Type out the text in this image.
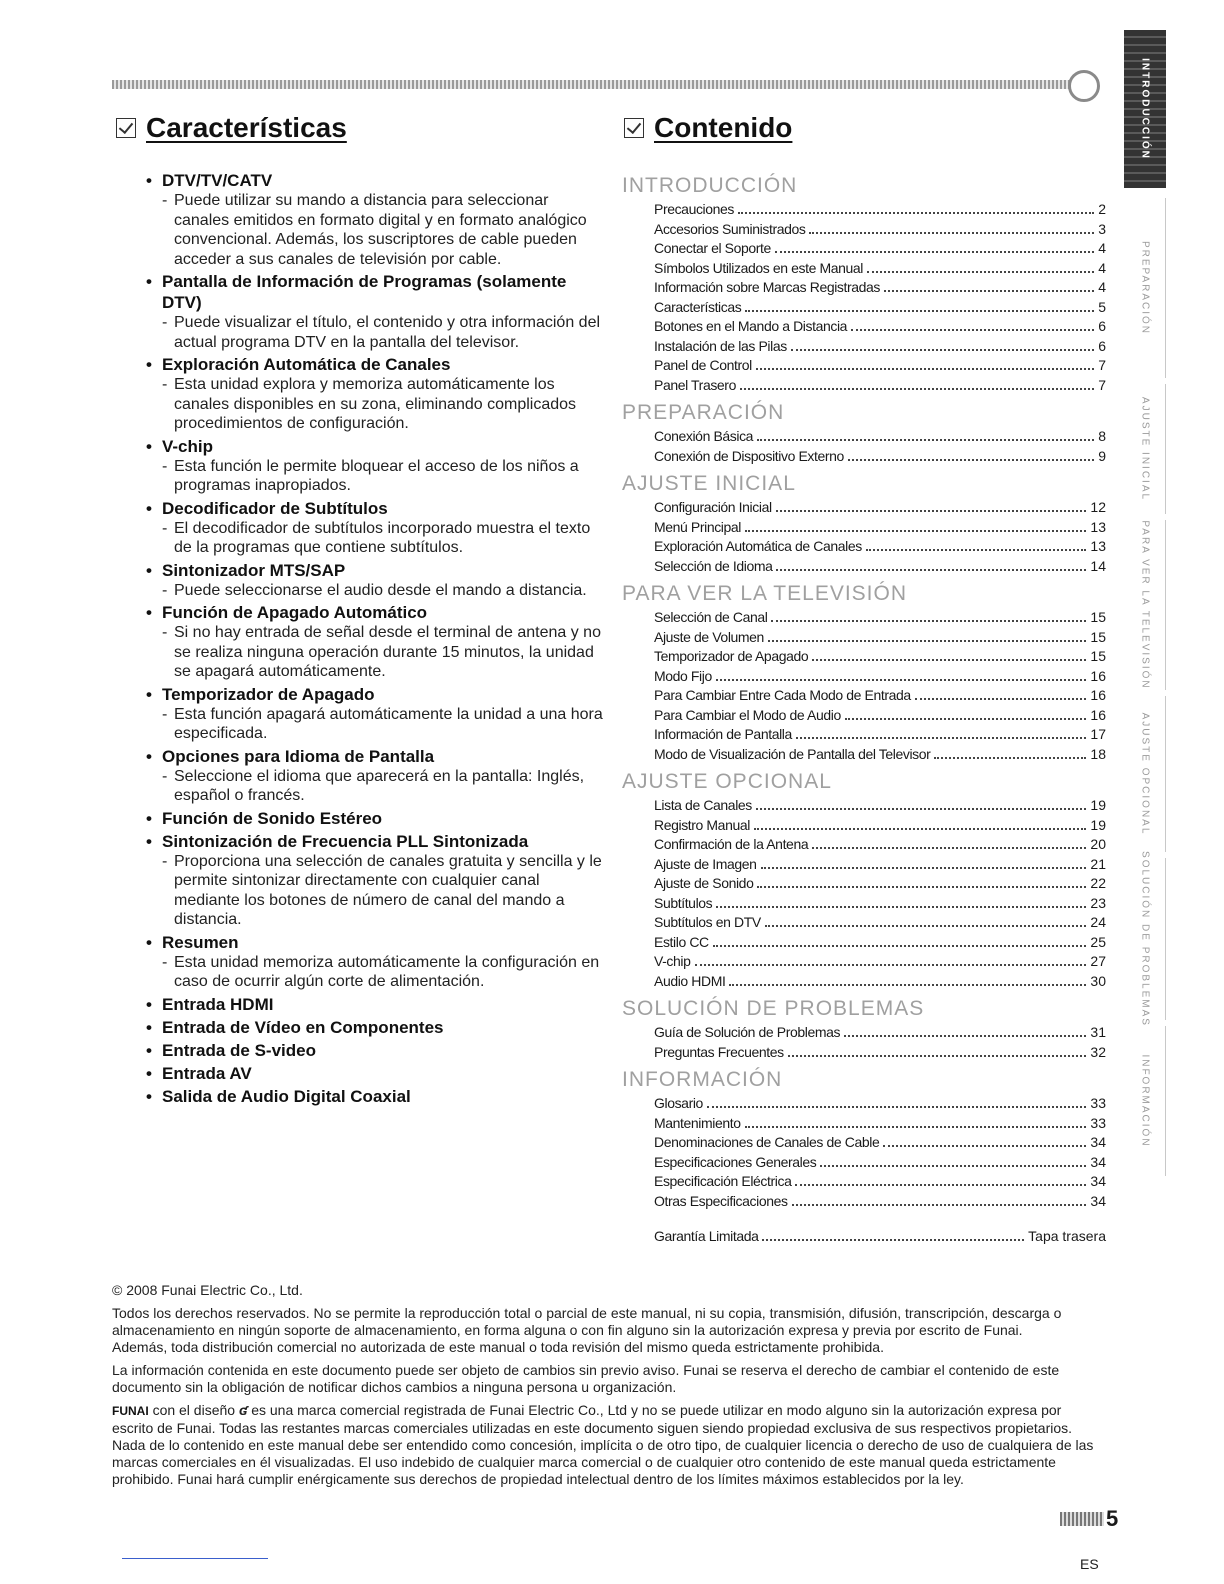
INTRODUCCIÓN
PREPARACIÓN
AJUSTE INICIAL
PARA VER LA TELEVISIÓN
AJUSTE OPCIONAL
SOLUCIÓN DE PROBLEMAS
INFORMACIÓN
Características	Contenido
• DTV/TV/CATV
- Puede utilizar su mando a distancia para seleccionar canales emitidos en formato digital y en formato analógico convencional. Además, los suscriptores de cable pueden acceder a sus canales de televisión por cable.
• Pantalla de Información de Programas (solamente DTV)
- Puede visualizar el título, el contenido y otra información del actual programa DTV en la pantalla del televisor.
• Exploración Automática de Canales
- Esta unidad explora y memoriza automáticamente los canales disponibles en su zona, eliminando complicados procedimientos de configuración.
• V-chip
- Esta función le permite bloquear el acceso de los niños a programas inapropiados.
• Decodificador de Subtítulos
- El decodificador de subtítulos incorporado muestra el texto de la programas que contiene subtítulos.
• Sintonizador MTS/SAP
- Puede seleccionarse el audio desde el mando a distancia.
• Función de Apagado Automático
- Si no hay entrada de señal desde el terminal de antena y no se realiza ninguna operación durante 15 minutos, la unidad se apagará automáticamente.
• Temporizador de Apagado
- Esta función apagará automáticamente la unidad a una hora especificada.
• Opciones para Idioma de Pantalla
- Seleccione el idioma que aparecerá en la pantalla: Inglés, español o francés.
• Función de Sonido Estéreo
• Sintonización de Frecuencia PLL Sintonizada
- Proporciona una selección de canales gratuita y sencilla y le permite sintonizar directamente con cualquier canal mediante los botones de número de canal del mando a distancia.
• Resumen
- Esta unidad memoriza automáticamente la configuración en caso de ocurrir algún corte de alimentación.
• Entrada HDMI
• Entrada de Vídeo en Componentes
• Entrada de S-video
• Entrada AV
• Salida de Audio Digital Coaxial
INTRODUCCIÓN
Precauciones	2
Accesorios Suministrados	3
Conectar el Soporte	4
Símbolos Utilizados en este Manual	4
Información sobre Marcas Registradas	4
Características	5
Botones en el Mando a Distancia	6
Instalación de las Pilas	6
Panel de Control	7
Panel Trasero	7
PREPARACIÓN
Conexión Básica	8
Conexión de Dispositivo Externo	9
AJUSTE INICIAL
Configuración Inicial	12
Menú Principal	13
Exploración Automática de Canales	13
Selección de Idioma	14
PARA VER LA TELEVISIÓN
Selección de Canal	15
Ajuste de Volumen	15
Temporizador de Apagado	15
Modo Fijo	16
Para Cambiar Entre Cada Modo de Entrada	16
Para Cambiar el Modo de Audio	16
Información de Pantalla	17
Modo de Visualización de Pantalla del Televisor	18
AJUSTE OPCIONAL
Lista de Canales	19
Registro Manual	19
Confirmación de la Antena	20
Ajuste de Imagen	21
Ajuste de Sonido	22
Subtítulos	23
Subtítulos en DTV	24
Estilo CC	25
V-chip	27
Audio HDMI	30
SOLUCIÓN DE PROBLEMAS
Guía de Solución de Problemas	31
Preguntas Frecuentes	32
INFORMACIÓN
Glosario	33
Mantenimiento	33
Denominaciones de Canales de Cable	34
Especificaciones Generales	34
Especificación Eléctrica	34
Otras Especificaciones	34
Garantía Limitada	Tapa trasera

© 2008 Funai Electric Co., Ltd.

Todos los derechos reservados. No se permite la reproducción total o parcial de este manual, ni su copia, transmisión, difusión, transcripción, descarga o almacenamiento en ningún soporte de almacenamiento, en forma alguna o con fin alguno sin la autorización expresa y previa por escrito de Funai.

Además, toda distribución comercial no autorizada de este manual o toda revisión del mismo queda estrictamente prohibida.

La información contenida en este documento puede ser objeto de cambios sin previo aviso. Funai se reserva el derecho de cambiar el contenido de este documento sin la obligación de notificar dichos cambios a ninguna persona u organización.

FUNAI con el diseño ʛ es una marca comercial registrada de Funai Electric Co., Ltd y no se puede utilizar en modo alguno sin la autorización expresa por escrito de Funai. Todas las restantes marcas comerciales utilizadas en este documento siguen siendo propiedad exclusiva de sus respectivos propietarios. Nada de lo contenido en este manual debe ser entendido como concesión, implícita o de otro tipo, de cualquier licencia o derecho de uso de cualquiera de las marcas comerciales en él visualizadas. El uso indebido de cualquier marca comercial o de cualquier otro contenido de este manual queda estrictamente prohibido. Funai hará cumplir enérgicamente sus derechos de propiedad intelectual dentro de los límites máximos establecidos por la ley.

5
ES
